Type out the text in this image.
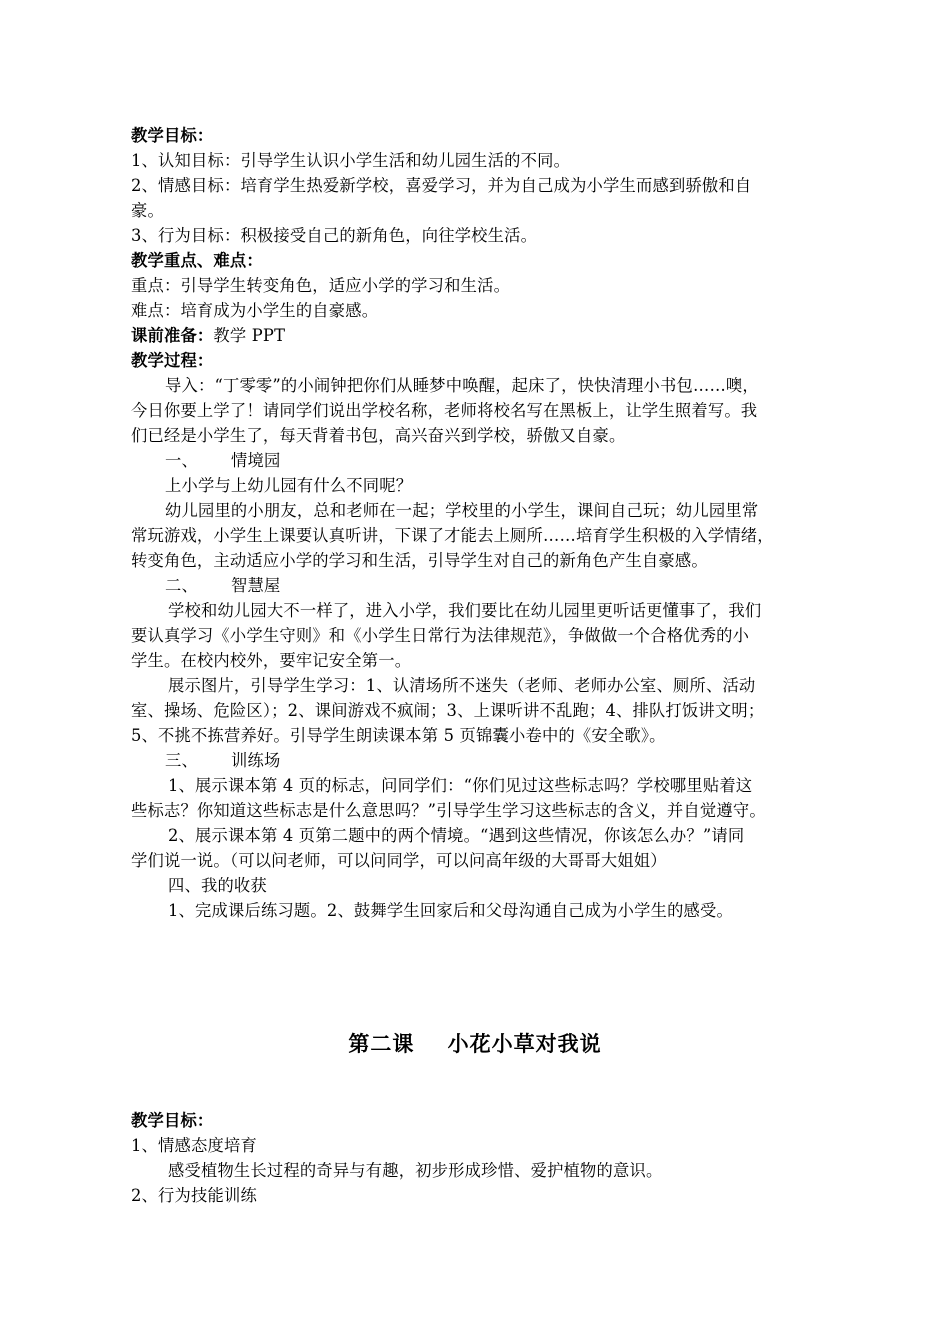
教学目标：
1、认知目标：引导学生认识小学生活和幼儿园生活的不同。
2、情感目标：培育学生热爱新学校，喜爱学习，并为自己成为小学生而感到骄傲和自
豪。
3、行为目标：积极接受自己的新角色，向往学校生活。
教学重点、难点：
重点：引导学生转变角色，适应小学的学习和生活。
难点：培育成为小学生的自豪感。
课前准备：教学 PPT
教学过程：
导入：“丁零零”的小闹钟把你们从睡梦中唤醒，起床了，快快清理小书包……噢，
今日你要上学了！请同学们说出学校名称，老师将校名写在黑板上，让学生照着写。我
们已经是小学生了，每天背着书包，高兴奋兴到学校，骄傲又自豪。
一、 情境园
上小学与上幼儿园有什么不同呢？
幼儿园里的小朋友，总和老师在一起；学校里的小学生，课间自己玩；幼儿园里常
常玩游戏，小学生上课要认真听讲，下课了才能去上厕所……培育学生积极的入学情绪，
转变角色，主动适应小学的学习和生活，引导学生对自己的新角色产生自豪感。
二、 智慧屋
学校和幼儿园大不一样了，进入小学，我们要比在幼儿园里更听话更懂事了，我们
要认真学习《小学生守则》和《小学生日常行为法律规范》，争做做一个合格优秀的小
学生。在校内校外，要牢记安全第一。
展示图片，引导学生学习：1、认清场所不迷失（老师、老师办公室、厕所、活动
室、操场、危险区）；2、课间游戏不疯闹；3、上课听讲不乱跑；4、排队打饭讲文明；
5、不挑不拣营养好。引导学生朗读课本第 5 页锦囊小卷中的《安全歌》。
三、 训练场
1、展示课本第 4 页的标志，问同学们：“你们见过这些标志吗？学校哪里贴着这
些标志？你知道这些标志是什么意思吗？”引导学生学习这些标志的含义，并自觉遵守。
2、展示课本第 4 页第二题中的两个情境。“遇到这些情况，你该怎么办？”请同
学们说一说。（可以问老师，可以问同学，可以问高年级的大哥哥大姐姐）
四、我的收获
1、完成课后练习题。2、鼓舞学生回家后和父母沟通自己成为小学生的感受。
第二课    小花小草对我说
教学目标：
1、情感态度培育
感受植物生长过程的奇异与有趣，初步形成珍惜、爱护植物的意识。
2、行为技能训练
